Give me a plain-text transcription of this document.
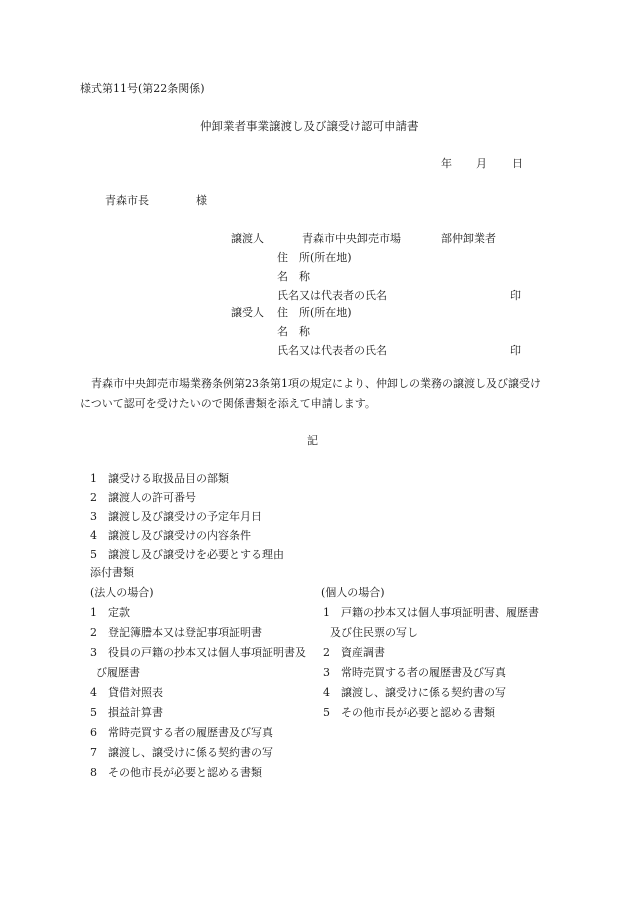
様式第11号(第22条関係)
仲卸業者事業譲渡し及び譲受け認可申請書
年 月 日
青森市長	様
譲渡人	青森市中央卸売市場	部仲卸業者
住　所(所在地)
名　称
氏名又は代表者の氏名	印
譲受人 住　所(所在地)
名　称
氏名又は代表者の氏名	印
青森市中央卸売市場業務条例第23条第1項の規定により、仲卸しの業務の譲渡し及び譲受けについて認可を受けたいので関係書類を添えて申請します。
記
1　譲受ける取扱品目の部類
2　譲渡人の許可番号
3　譲渡し及び譲受けの予定年月日
4　譲渡し及び譲受けの内容条件
5　譲渡し及び譲受けを必要とする理由
添付書類
(法人の場合)
1　定款
2　登記簿謄本又は登記事項証明書
3　役員の戸籍の抄本又は個人事項証明書及
び履歴書
4　貸借対照表
5　損益計算書
6　常時売買する者の履歴書及び写真
7　譲渡し、譲受けに係る契約書の写
8　その他市長が必要と認める書類
(個人の場合)
1　戸籍の抄本又は個人事項証明書、履歴書
及び住民票の写し
2　資産調書
3　常時売買する者の履歴書及び写真
4　譲渡し、譲受けに係る契約書の写
5　その他市長が必要と認める書類
